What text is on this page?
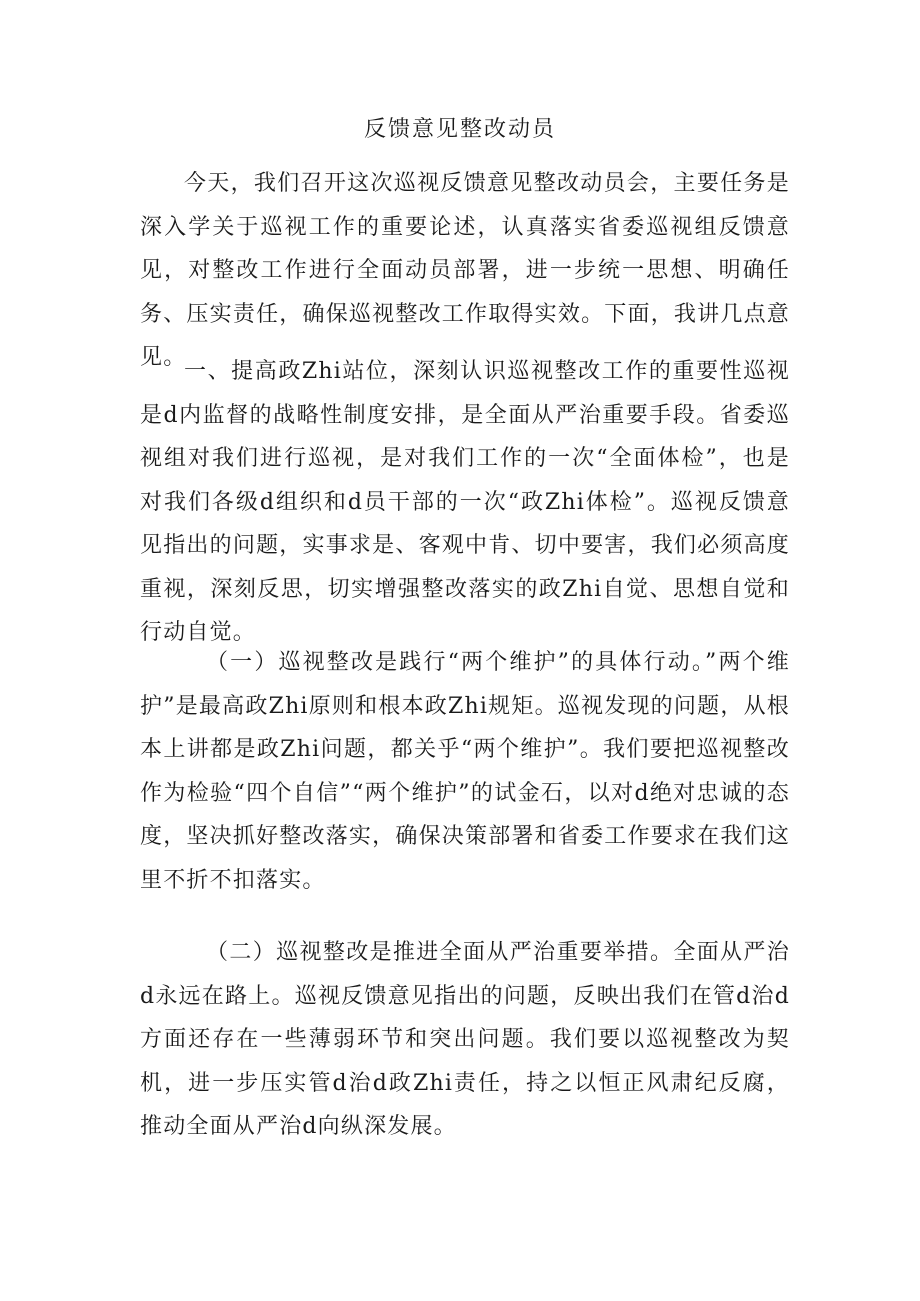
反馈意见整改动员

今天，我们召开这次巡视反馈意见整改动员会，主要任务是深入学关于巡视工作的重要论述，认真落实省委巡视组反馈意见，对整改工作进行全面动员部署，进一步统一思想、明确任务、压实责任，确保巡视整改工作取得实效。下面，我讲几点意见。

一、提高政Zhi站位，深刻认识巡视整改工作的重要性巡视是d内监督的战略性制度安排，是全面从严治重要手段。省委巡视组对我们进行巡视，是对我们工作的一次“全面体检”，也是对我们各级d组织和d员干部的一次“政Zhi体检”。巡视反馈意见指出的问题，实事求是、客观中肯、切中要害，我们必须高度重视，深刻反思，切实增强整改落实的政Zhi自觉、思想自觉和行动自觉。

（一）巡视整改是践行“两个维护”的具体行动。”两个维护”是最高政Zhi原则和根本政Zhi规矩。巡视发现的问题，从根本上讲都是政Zhi问题，都关乎“两个维护”。我们要把巡视整改作为检验“四个自信”“两个维护”的试金石，以对d绝对忠诚的态度，坚决抓好整改落实，确保决策部署和省委工作要求在我们这里不折不扣落实。

（二）巡视整改是推进全面从严治重要举措。全面从严治d永远在路上。巡视反馈意见指出的问题，反映出我们在管d治d方面还存在一些薄弱环节和突出问题。我们要以巡视整改为契机，进一步压实管d治d政Zhi责任，持之以恒正风肃纪反腐，推动全面从严治d向纵深发展。
